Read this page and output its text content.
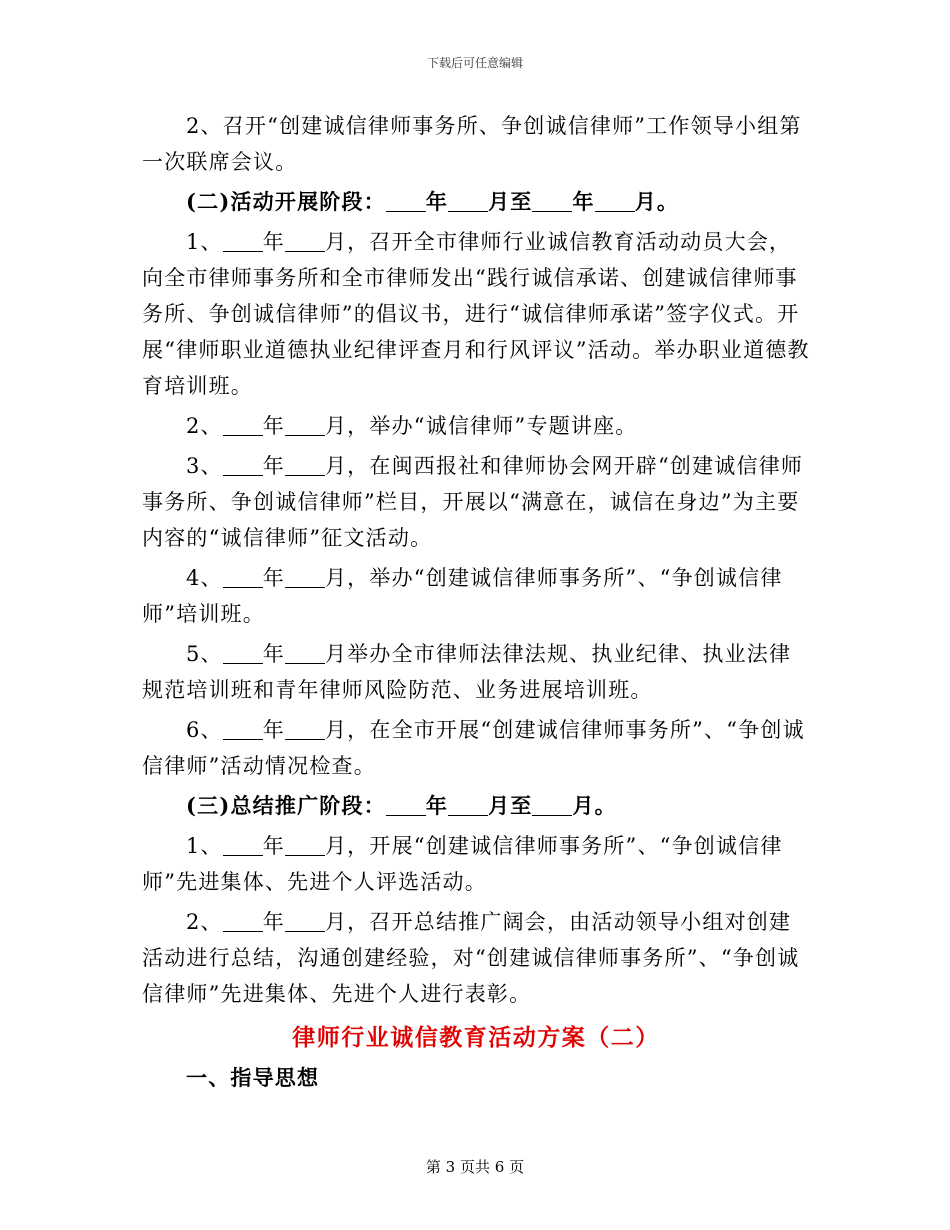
下载后可任意编辑

2、召开“创建诚信律师事务所、争创诚信律师”工作领导小组第一次联席会议。

(二)活动开展阶段： 年 月至 年 月。

1、 年 月，召开全市律师行业诚信教育活动动员大会，向全市律师事务所和全市律师发出“践行诚信承诺、创建诚信律师事务所、争创诚信律师”的倡议书，进行“诚信律师承诺”签字仪式。开展“律师职业道德执业纪律评查月和行风评议”活动。举办职业道德教育培训班。

2、 年 月，举办“诚信律师”专题讲座。

3、 年 月，在闽西报社和律师协会网开辟“创建诚信律师事务所、争创诚信律师”栏目，开展以“满意在，诚信在身边”为主要内容的“诚信律师”征文活动。

4、 年 月，举办“创建诚信律师事务所”、“争创诚信律师”培训班。

5、 年 月举办全市律师法律法规、执业纪律、执业法律规范培训班和青年律师风险防范、业务进展培训班。

6、 年 月，在全市开展“创建诚信律师事务所”、“争创诚信律师”活动情况检查。

(三)总结推广阶段： 年 月至 月。

1、 年 月，开展“创建诚信律师事务所”、“争创诚信律师”先进集体、先进个人评选活动。

2、 年 月，召开总结推广阔会，由活动领导小组对创建活动进行总结，沟通创建经验，对“创建诚信律师事务所”、“争创诚信律师”先进集体、先进个人进行表彰。

律师行业诚信教育活动方案（二）

一、指导思想

第 3 页共 6 页
